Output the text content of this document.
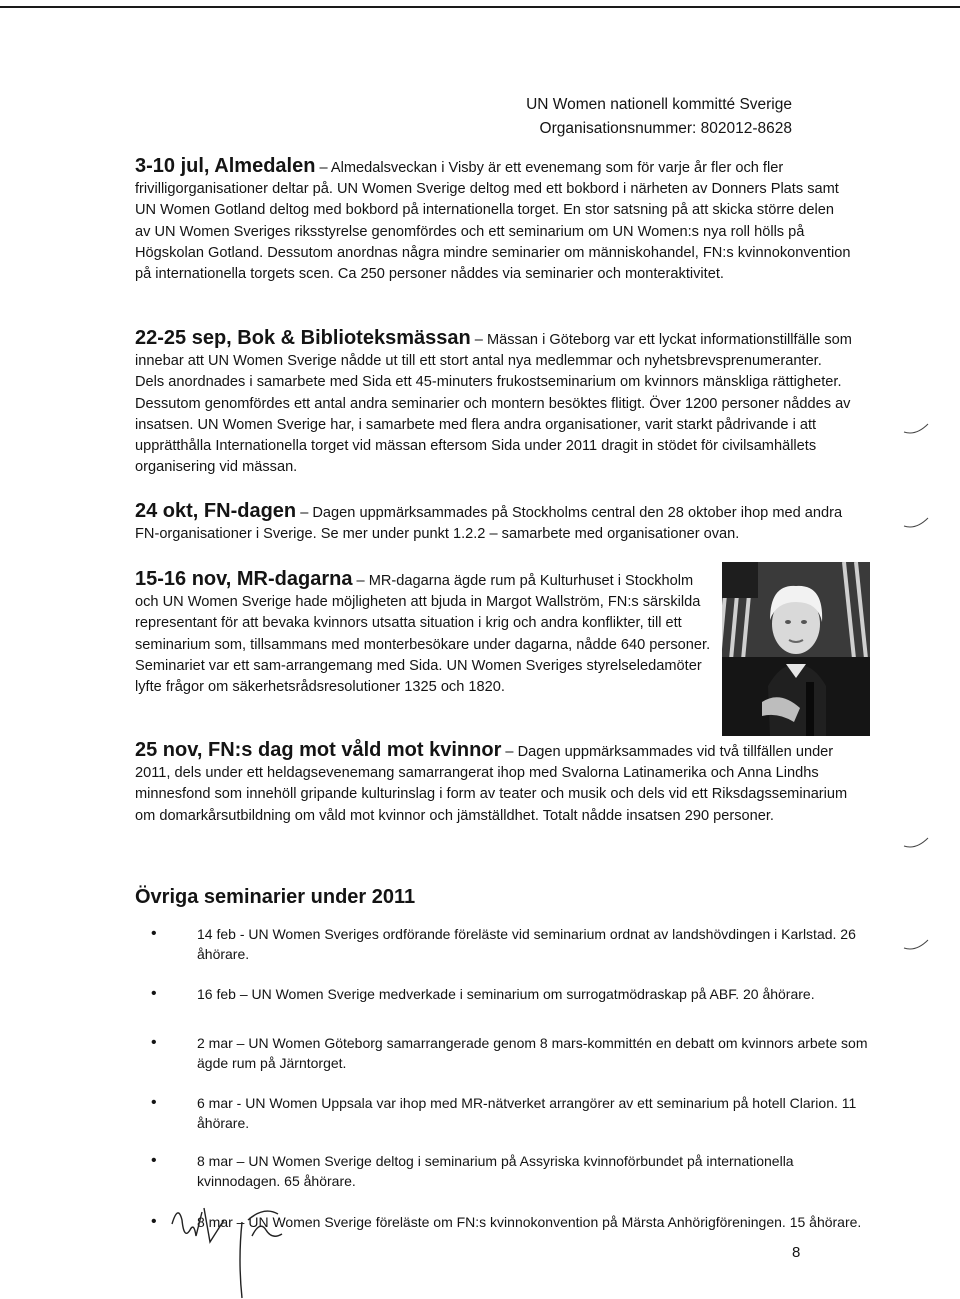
UN Women nationell kommitté Sverige
Organisationsnummer: 802012-8628
3-10 jul, Almedalen – Almedalsveckan i Visby är ett evenemang som för varje år fler och fler frivilligorganisationer deltar på. UN Women Sverige deltog med ett bokbord i närheten av Donners Plats samt UN Women Gotland deltog med bokbord på internationella torget. En stor satsning på att skicka större delen av UN Women Sveriges riksstyrelse genomfördes och ett seminarium om UN Women:s nya roll hölls på Högskolan Gotland. Dessutom anordnas några mindre seminarier om människohandel, FN:s kvinnokonvention på internationella torgets scen. Ca 250 personer nåddes via seminarier och monteraktivitet.
22-25 sep, Bok & Biblioteksmässan – Mässan i Göteborg var ett lyckat informationstillfälle som innebar att UN Women Sverige nådde ut till ett stort antal nya medlemmar och nyhetsbrevsprenumeranter. Dels anordnades i samarbete med Sida ett 45-minuters frukostseminarium om kvinnors mänskliga rättigheter. Dessutom genomfördes ett antal andra seminarier och montern besöktes flitigt. Över 1200 personer nåddes av insatsen. UN Women Sverige har, i samarbete med flera andra organisationer, varit starkt pådrivande i att upprätthålla Internationella torget vid mässan eftersom Sida under 2011 dragit in stödet för civilsamhällets organisering vid mässan.
24 okt, FN-dagen – Dagen uppmärksammades på Stockholms central den 28 oktober ihop med andra FN-organisationer i Sverige. Se mer under punkt 1.2.2 – samarbete med organisationer ovan.
15-16 nov, MR-dagarna – MR-dagarna ägde rum på Kulturhuset i Stockholm och UN Women Sverige hade möjligheten att bjuda in Margot Wallström, FN:s särskilda representant för att bevaka kvinnors utsatta situation i krig och andra konflikter, till ett seminarium som, tillsammans med monterbesökare under dagarna, nådde 640 personer. Seminariet var ett sam-arrangemang med Sida. UN Women Sveriges styrelseledamöter lyfte frågor om säkerhetsrådsresolutioner 1325 och 1820.
25 nov, FN:s dag mot våld mot kvinnor – Dagen uppmärksammades vid två tillfällen under 2011, dels under ett heldagsevenemang samarrangerat ihop med Svalorna Latinamerika och Anna Lindhs minnesfond som innehöll gripande kulturinslag i form av teater och musik och dels vid ett Riksdagsseminarium om domarkårsutbildning om våld mot kvinnor och jämställdhet. Totalt nådde insatsen 290 personer.
Övriga seminarier under 2011
• 14 feb - UN Women Sveriges ordförande föreläste vid seminarium ordnat av landshövdingen i Karlstad. 26 åhörare.
• 16 feb – UN Women Sverige medverkade i seminarium om surrogatmödraskap på ABF. 20 åhörare.
• 2 mar – UN Women Göteborg samarrangerade genom 8 mars-kommittén en debatt om kvinnors arbete som ägde rum på Järntorget.
• 6 mar - UN Women Uppsala var ihop med MR-nätverket arrangörer av ett seminarium på hotell Clarion. 11 åhörare.
• 8 mar – UN Women Sverige deltog i seminarium på Assyriska kvinnoförbundet på internationella kvinnodagen. 65 åhörare.
• 8 mar – UN Women Sverige föreläste om FN:s kvinnokonvention på Märsta Anhörigföreningen. 15 åhörare.
8
